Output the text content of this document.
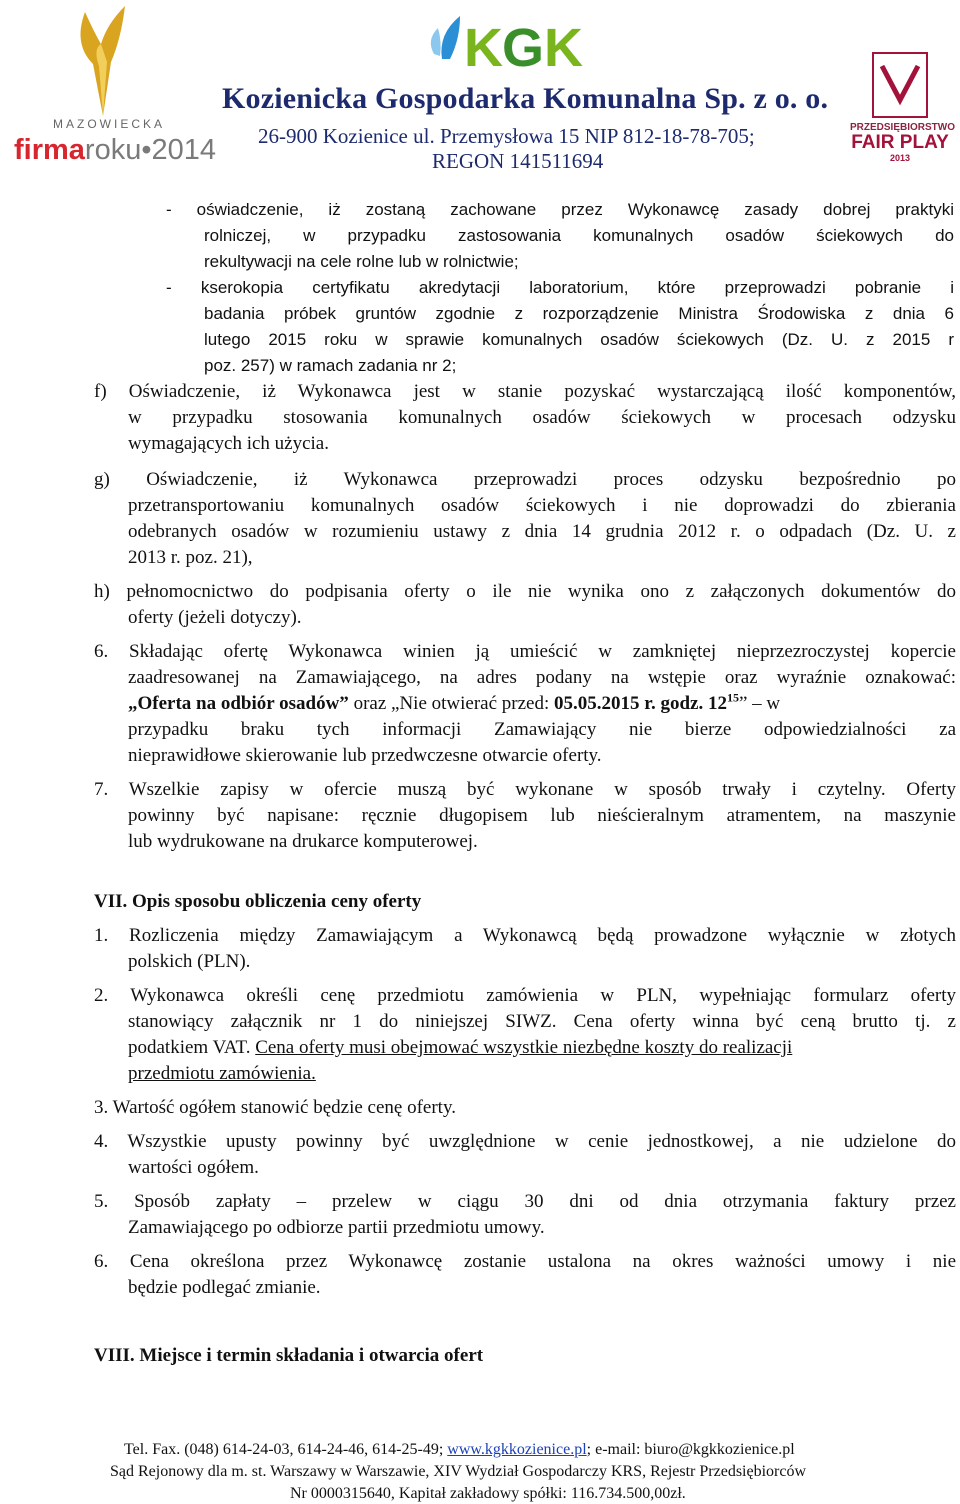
MAZOWIECKA
firmaroku•2014
K G K
Kozienicka Gospodarka Komunalna Sp. z o. o.
26-900 Kozienice ul. Przemysłowa 15 NIP 812-18-78-705;
REGON 141511694
PRZEDSIĘBIORSTWO
FAIR PLAY
2013
- oświadczenie, iż zostaną zachowane przez Wykonawcę zasady dobrej praktyki
rolniczej, w przypadku zastosowania komunalnych osadów ściekowych do
rekultywacji na cele rolne lub w rolnictwie;
- kserokopia certyfikatu akredytacji laboratorium, które przeprowadzi pobranie i
badania próbek gruntów zgodnie z rozporządzenie Ministra Środowiska z dnia 6
lutego 2015 roku w sprawie komunalnych osadów ściekowych (Dz. U. z 2015 r
poz. 257) w ramach zadania nr 2;
f) Oświadczenie, iż Wykonawca jest w stanie pozyskać wystarczającą ilość komponentów,
w przypadku stosowania komunalnych osadów ściekowych w procesach odzysku
wymagających ich użycia.
g) Oświadczenie, iż Wykonawca przeprowadzi proces odzysku bezpośrednio po
przetransportowaniu komunalnych osadów ściekowych i nie doprowadzi do zbierania
odebranych osadów w rozumieniu ustawy z dnia 14 grudnia 2012 r. o odpadach (Dz. U. z
2013 r. poz. 21),
h) pełnomocnictwo do podpisania oferty o ile nie wynika ono z załączonych dokumentów do
oferty (jeżeli dotyczy).
6. Składając ofertę Wykonawca winien ją umieścić w zamkniętej nieprzezroczystej kopercie
zaadresowanej na Zamawiającego, na adres podany na wstępie oraz wyraźnie oznakować:
„Oferta na odbiór osadów” oraz „Nie otwierać przed: 05.05.2015 r. godz. $12^{15}$” – w
przypadku braku tych informacji Zamawiający nie bierze odpowiedzialności za
nieprawidłowe skierowanie lub przedwczesne otwarcie oferty.
7. Wszelkie zapisy w ofercie muszą być wykonane w sposób trwały i czytelny. Oferty
powinny być napisane: ręcznie długopisem lub nieścieralnym atramentem, na maszynie
lub wydrukowane na drukarce komputerowej.
VII. Opis sposobu obliczenia ceny oferty
1. Rozliczenia między Zamawiającym a Wykonawcą będą prowadzone wyłącznie w złotych
polskich (PLN).
2. Wykonawca określi cenę przedmiotu zamówienia w PLN, wypełniając formularz oferty
stanowiący załącznik nr 1 do niniejszej SIWZ. Cena oferty winna być ceną brutto tj. z
podatkiem VAT. Cena oferty musi obejmować wszystkie niezbędne koszty do realizacji
przedmiotu zamówienia.
3. Wartość ogółem stanowić będzie cenę oferty.
4. Wszystkie upusty powinny być uwzględnione w cenie jednostkowej, a nie udzielone do
wartości ogółem.
5. Sposób zapłaty – przelew w ciągu 30 dni od dnia otrzymania faktury przez
Zamawiającego po odbiorze partii przedmiotu umowy.
6. Cena określona przez Wykonawcę zostanie ustalona na okres ważności umowy i nie
będzie podlegać zmianie.
VIII. Miejsce i termin składania i otwarcia ofert
Tel. Fax. (048) 614-24-03, 614-24-46, 614-25-49; www.kgkkozienice.pl; e-mail: biuro@kgkkozienice.pl
Sąd Rejonowy dla m. st. Warszawy w Warszawie, XIV Wydział Gospodarczy KRS, Rejestr Przedsiębiorców
Nr 0000315640, Kapitał zakładowy spółki: 116.734.500,00zł.
